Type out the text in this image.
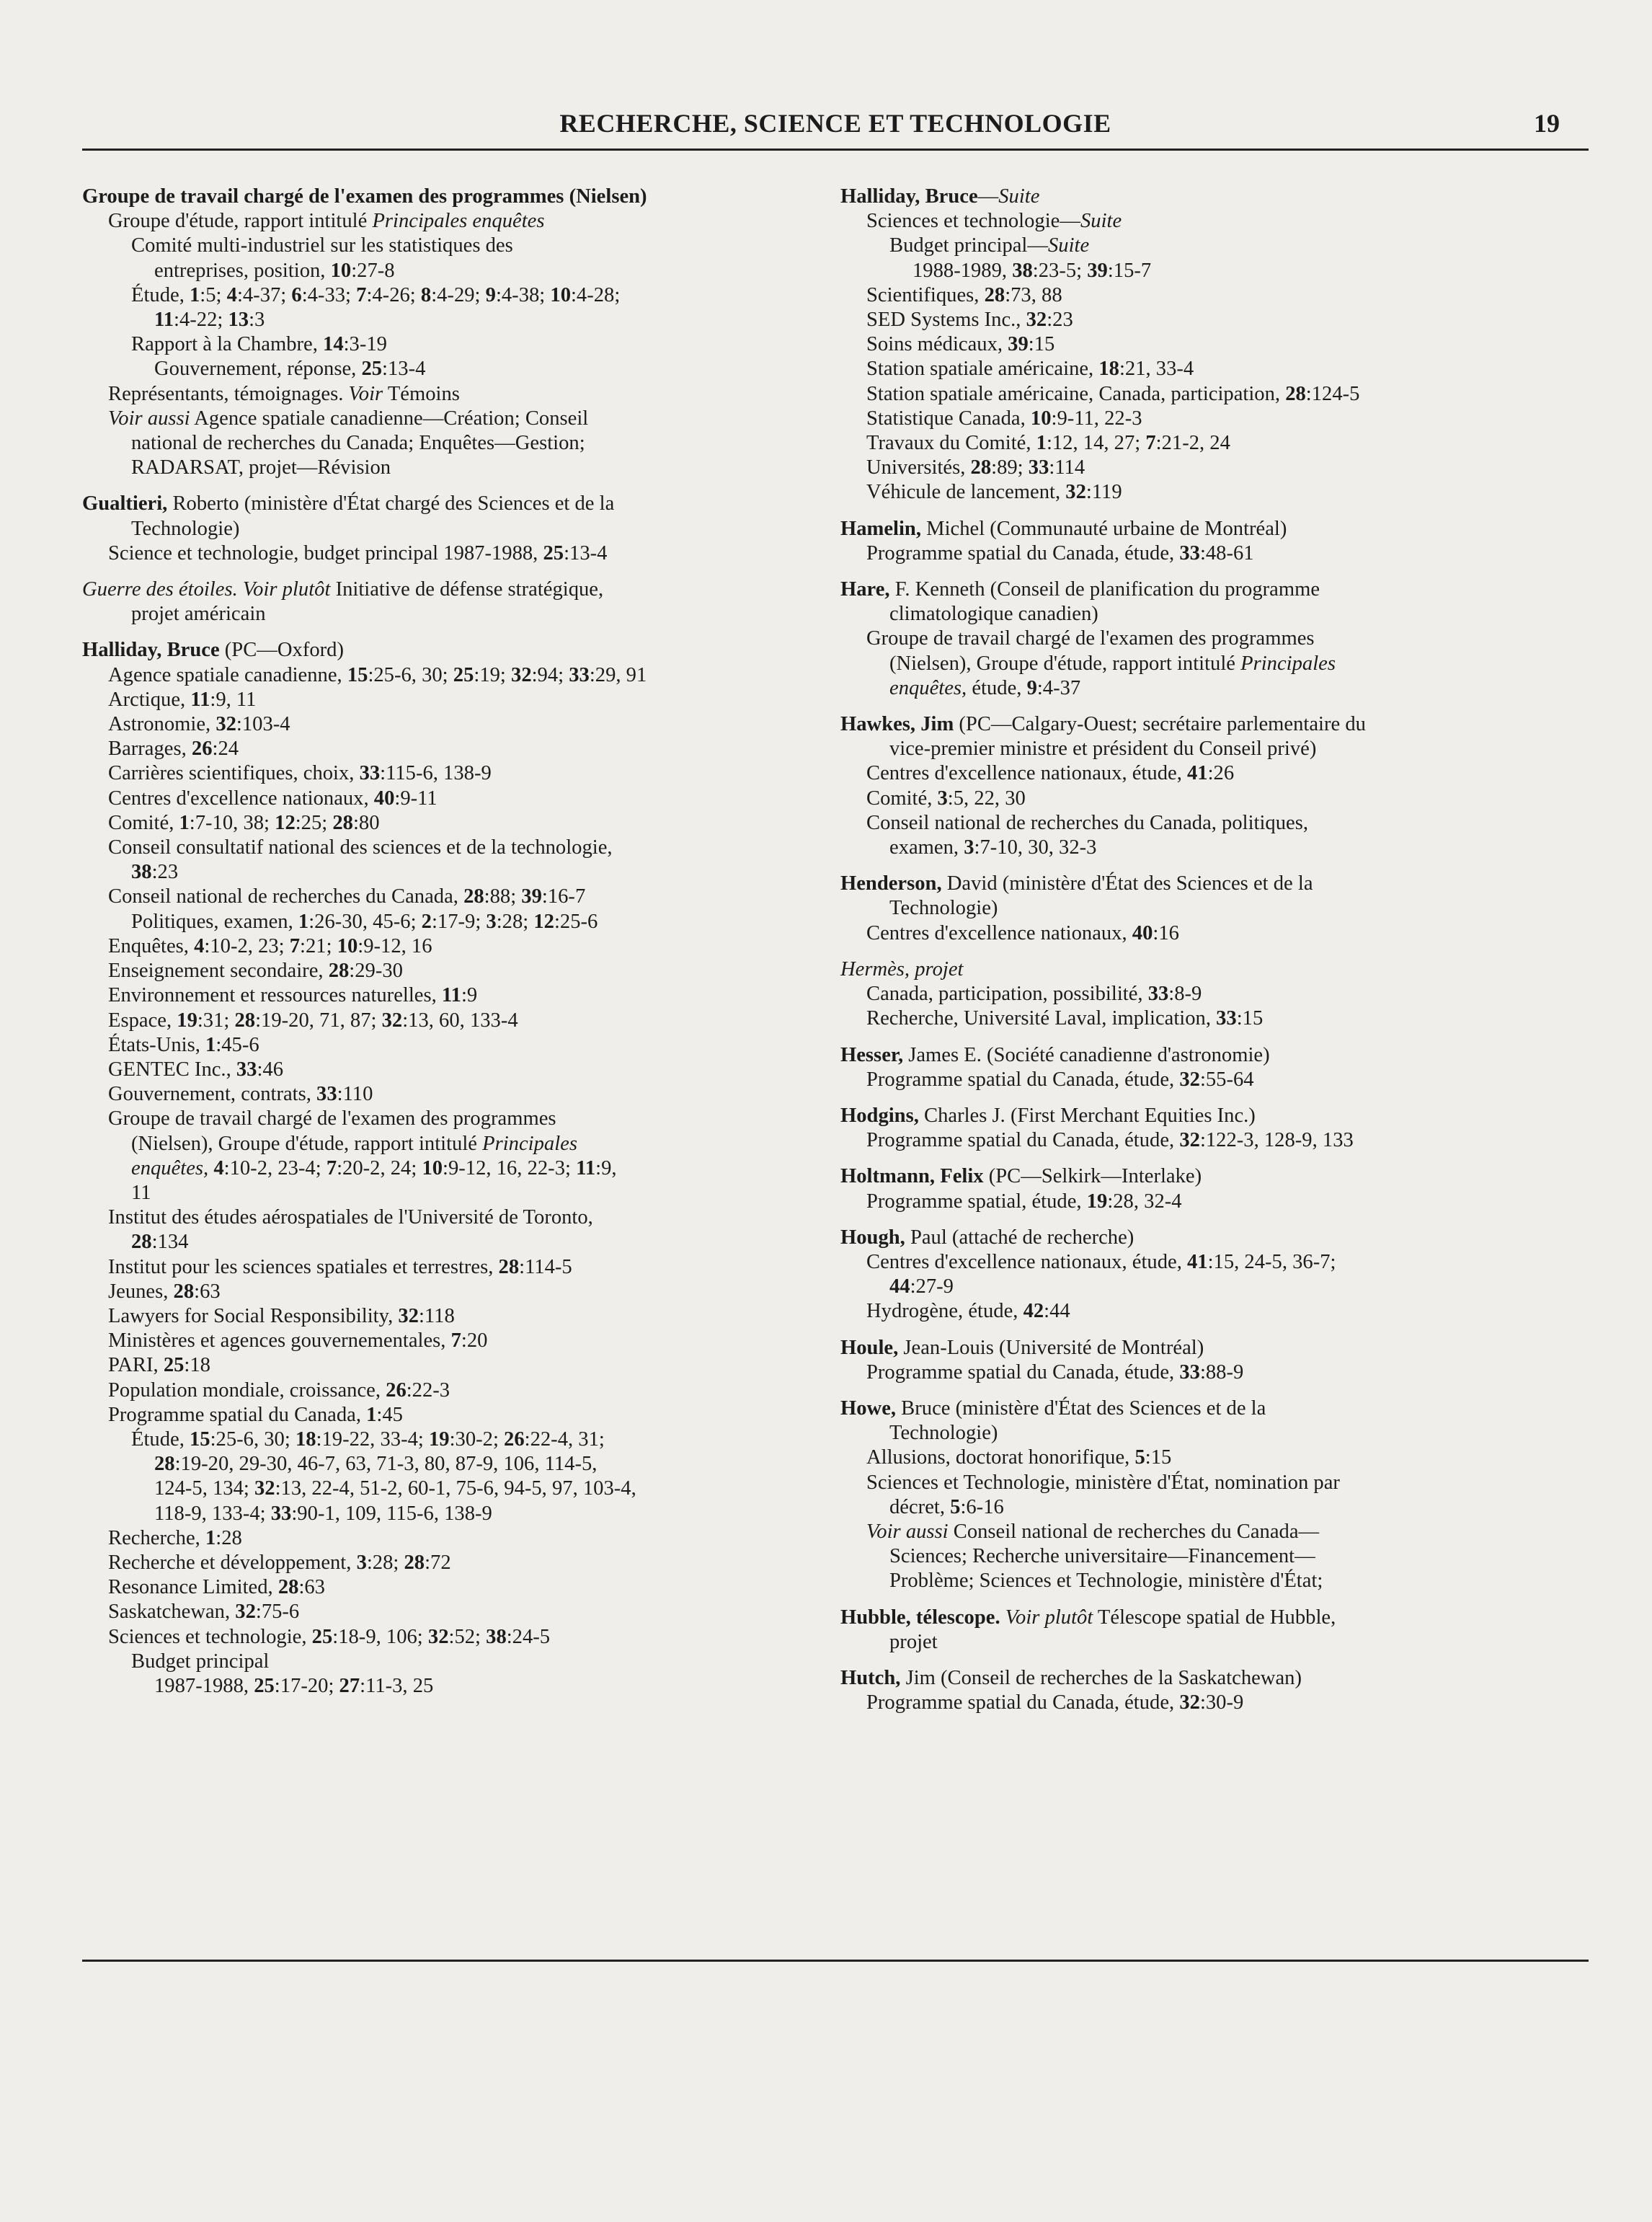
RECHERCHE, SCIENCE ET TECHNOLOGIE	19
Groupe de travail chargé de l'examen des programmes (Nielsen)
Groupe d'étude, rapport intitulé Principales enquêtes
Comité multi-industriel sur les statistiques des
entreprises, position, 10:27-8
Étude, 1:5; 4:4-37; 6:4-33; 7:4-26; 8:4-29; 9:4-38; 10:4-28;
11:4-22; 13:3
Rapport à la Chambre, 14:3-19
Gouvernement, réponse, 25:13-4
Représentants, témoignages. Voir Témoins
Voir aussi Agence spatiale canadienne—Création; Conseil
national de recherches du Canada; Enquêtes—Gestion;
RADARSAT, projet—Révision
Gualtieri, Roberto (ministère d'État chargé des Sciences et de la
Technologie)
Science et technologie, budget principal 1987-1988, 25:13-4
Guerre des étoiles. Voir plutôt Initiative de défense stratégique,
projet américain
Halliday, Bruce (PC—Oxford)
Agence spatiale canadienne, 15:25-6, 30; 25:19; 32:94; 33:29, 91
Arctique, 11:9, 11
Astronomie, 32:103-4
Barrages, 26:24
Carrières scientifiques, choix, 33:115-6, 138-9
Centres d'excellence nationaux, 40:9-11
Comité, 1:7-10, 38; 12:25; 28:80
Conseil consultatif national des sciences et de la technologie,
38:23
Conseil national de recherches du Canada, 28:88; 39:16-7
Politiques, examen, 1:26-30, 45-6; 2:17-9; 3:28; 12:25-6
Enquêtes, 4:10-2, 23; 7:21; 10:9-12, 16
Enseignement secondaire, 28:29-30
Environnement et ressources naturelles, 11:9
Espace, 19:31; 28:19-20, 71, 87; 32:13, 60, 133-4
États-Unis, 1:45-6
GENTEC Inc., 33:46
Gouvernement, contrats, 33:110
Groupe de travail chargé de l'examen des programmes
(Nielsen), Groupe d'étude, rapport intitulé Principales
enquêtes, 4:10-2, 23-4; 7:20-2, 24; 10:9-12, 16, 22-3; 11:9,
11
Institut des études aérospatiales de l'Université de Toronto,
28:134
Institut pour les sciences spatiales et terrestres, 28:114-5
Jeunes, 28:63
Lawyers for Social Responsibility, 32:118
Ministères et agences gouvernementales, 7:20
PARI, 25:18
Population mondiale, croissance, 26:22-3
Programme spatial du Canada, 1:45
Étude, 15:25-6, 30; 18:19-22, 33-4; 19:30-2; 26:22-4, 31;
28:19-20, 29-30, 46-7, 63, 71-3, 80, 87-9, 106, 114-5,
124-5, 134; 32:13, 22-4, 51-2, 60-1, 75-6, 94-5, 97, 103-4,
118-9, 133-4; 33:90-1, 109, 115-6, 138-9
Recherche, 1:28
Recherche et développement, 3:28; 28:72
Resonance Limited, 28:63
Saskatchewan, 32:75-6
Sciences et technologie, 25:18-9, 106; 32:52; 38:24-5
Budget principal
1987-1988, 25:17-20; 27:11-3, 25
Halliday, Bruce—Suite
Sciences et technologie—Suite
Budget principal—Suite
1988-1989, 38:23-5; 39:15-7
Scientifiques, 28:73, 88
SED Systems Inc., 32:23
Soins médicaux, 39:15
Station spatiale américaine, 18:21, 33-4
Station spatiale américaine, Canada, participation, 28:124-5
Statistique Canada, 10:9-11, 22-3
Travaux du Comité, 1:12, 14, 27; 7:21-2, 24
Universités, 28:89; 33:114
Véhicule de lancement, 32:119
Hamelin, Michel (Communauté urbaine de Montréal)
Programme spatial du Canada, étude, 33:48-61
Hare, F. Kenneth (Conseil de planification du programme
climatologique canadien)
Groupe de travail chargé de l'examen des programmes
(Nielsen), Groupe d'étude, rapport intitulé Principales
enquêtes, étude, 9:4-37
Hawkes, Jim (PC—Calgary-Ouest; secrétaire parlementaire du
vice-premier ministre et président du Conseil privé)
Centres d'excellence nationaux, étude, 41:26
Comité, 3:5, 22, 30
Conseil national de recherches du Canada, politiques,
examen, 3:7-10, 30, 32-3
Henderson, David (ministère d'État des Sciences et de la
Technologie)
Centres d'excellence nationaux, 40:16
Hermès, projet
Canada, participation, possibilité, 33:8-9
Recherche, Université Laval, implication, 33:15
Hesser, James E. (Société canadienne d'astronomie)
Programme spatial du Canada, étude, 32:55-64
Hodgins, Charles J. (First Merchant Equities Inc.)
Programme spatial du Canada, étude, 32:122-3, 128-9, 133
Holtmann, Felix (PC—Selkirk—Interlake)
Programme spatial, étude, 19:28, 32-4
Hough, Paul (attaché de recherche)
Centres d'excellence nationaux, étude, 41:15, 24-5, 36-7;
44:27-9
Hydrogène, étude, 42:44
Houle, Jean-Louis (Université de Montréal)
Programme spatial du Canada, étude, 33:88-9
Howe, Bruce (ministère d'État des Sciences et de la
Technologie)
Allusions, doctorat honorifique, 5:15
Sciences et Technologie, ministère d'État, nomination par
décret, 5:6-16
Voir aussi Conseil national de recherches du Canada—
Sciences; Recherche universitaire—Financement—
Problème; Sciences et Technologie, ministère d'État;
Hubble, télescope. Voir plutôt Télescope spatial de Hubble,
projet
Hutch, Jim (Conseil de recherches de la Saskatchewan)
Programme spatial du Canada, étude, 32:30-9
